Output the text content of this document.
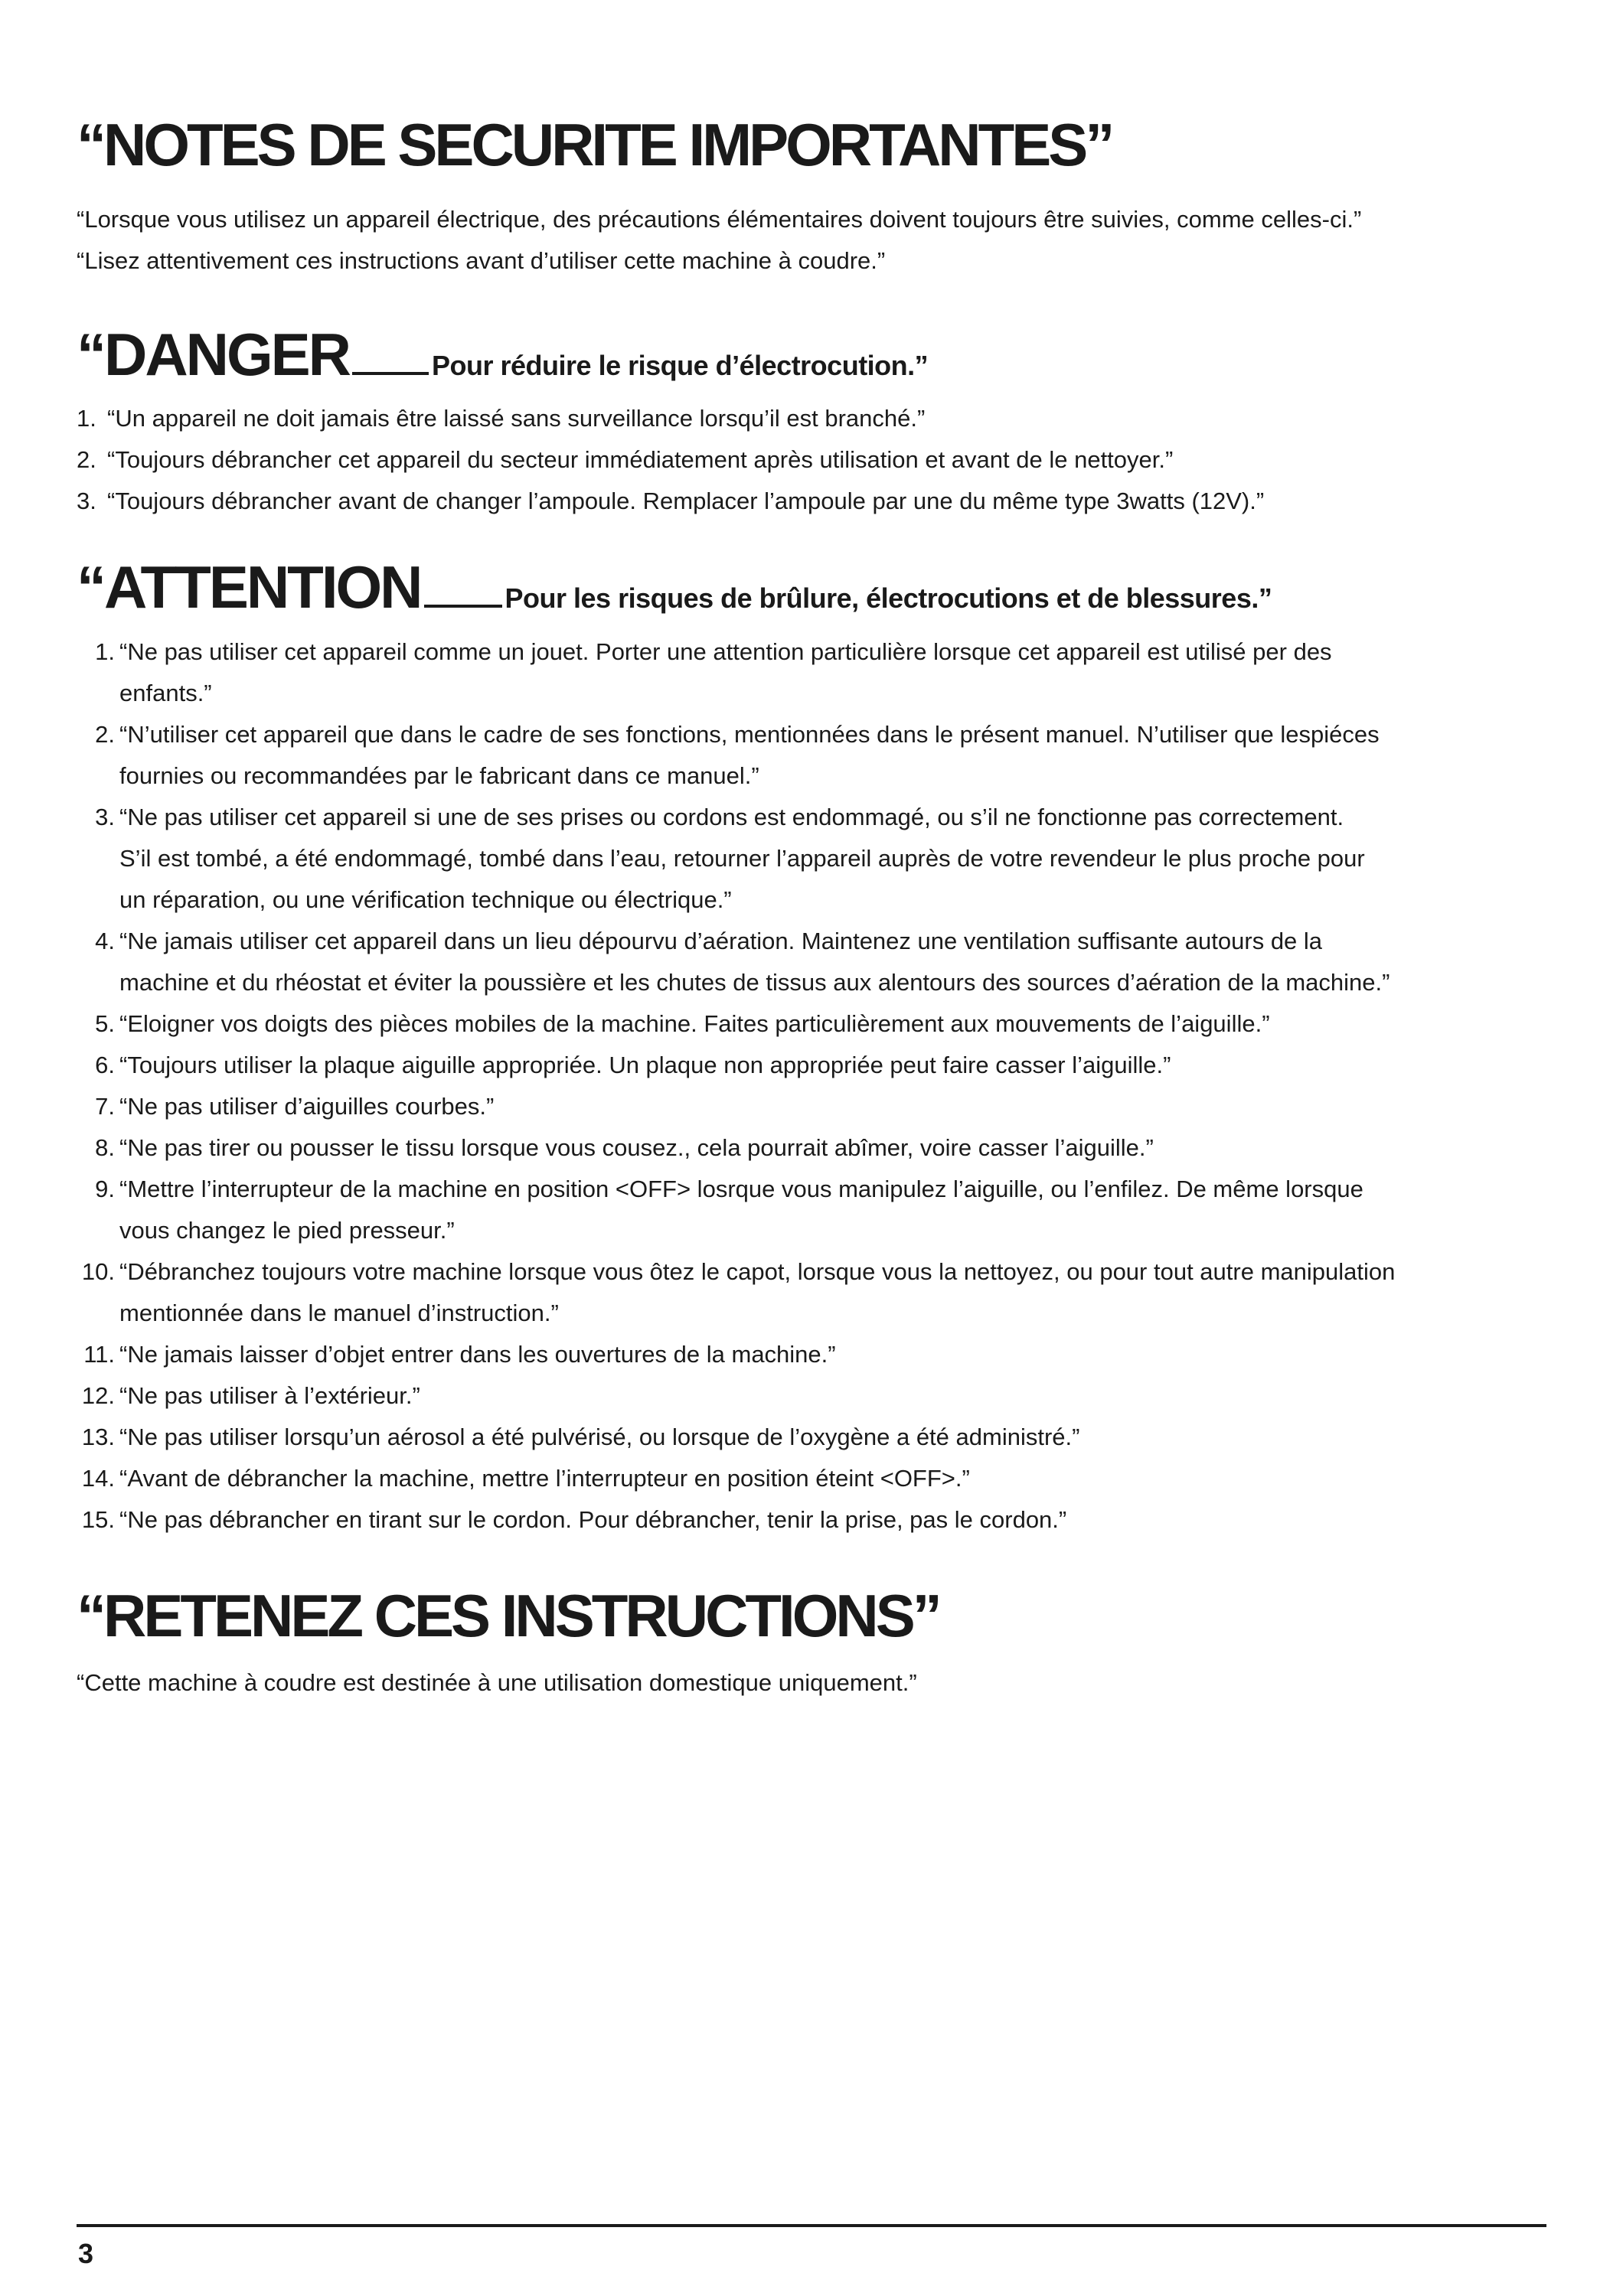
“NOTES DE SECURITE IMPORTANTES”
“Lorsque vous utilisez un appareil électrique, des précautions élémentaires doivent toujours être suivies, comme celles-ci.”
“Lisez attentivement ces instructions avant d’utiliser cette machine à coudre.”
“DANGER	Pour réduire le risque d’électrocution.”
1. “Un appareil ne doit jamais être laissé sans surveillance lorsqu’il est branché.”
2. “Toujours débrancher cet appareil du secteur immédiatement après utilisation et avant de le nettoyer.”
3. “Toujours débrancher avant de changer l’ampoule. Remplacer l’ampoule par une du même type 3watts (12V).”
“ATTENTION	Pour les risques de brûlure, électrocutions et de blessures.”
1. “Ne pas utiliser cet appareil comme un jouet. Porter une attention particulière lorsque cet appareil est utilisé per des
enfants.”
2. “N’utiliser cet appareil que dans le cadre de ses fonctions, mentionnées dans le présent manuel. N’utiliser que lespiéces
fournies ou recommandées par le fabricant dans ce manuel.”
3. “Ne pas utiliser cet appareil si une de ses prises ou cordons est endommagé, ou s’il ne fonctionne pas correctement.
S’il est tombé, a été endommagé, tombé dans l’eau, retourner l’appareil auprès de votre revendeur le plus proche pour
un réparation, ou une vérification technique ou électrique.”
4. “Ne jamais utiliser cet appareil dans un lieu dépourvu d’aération. Maintenez une ventilation suffisante autours de la
machine et du rhéostat et éviter la poussière et les chutes de tissus aux alentours des sources d’aération de la machine.”
5. “Eloigner vos doigts des pièces mobiles de la machine. Faites particulièrement aux mouvements de l’aiguille.”
6. “Toujours utiliser la plaque aiguille appropriée. Un plaque non appropriée peut faire casser l’aiguille.”
7. “Ne pas utiliser d’aiguilles courbes.”
8. “Ne pas tirer ou pousser le tissu lorsque vous cousez., cela pourrait abîmer, voire casser l’aiguille.”
9. “Mettre l’interrupteur de la machine en position <OFF> losrque vous manipulez l’aiguille, ou l’enfilez. De même lorsque
vous changez le pied presseur.”
10. “Débranchez toujours votre machine lorsque vous ôtez le capot, lorsque vous la nettoyez, ou pour tout autre manipulation
mentionnée dans le manuel d’instruction.”
11. “Ne jamais laisser d’objet entrer dans les ouvertures de la machine.”
12. “Ne pas utiliser à l’extérieur.”
13. “Ne pas utiliser lorsqu’un aérosol a été pulvérisé, ou lorsque de l’oxygène a été administré.”
14. “Avant de débrancher la machine, mettre l’interrupteur en position éteint <OFF>.”
15. “Ne pas débrancher en tirant sur le cordon. Pour débrancher, tenir la prise, pas le cordon.”
“RETENEZ CES INSTRUCTIONS”
“Cette machine à coudre est destinée à une utilisation domestique uniquement.”
3
